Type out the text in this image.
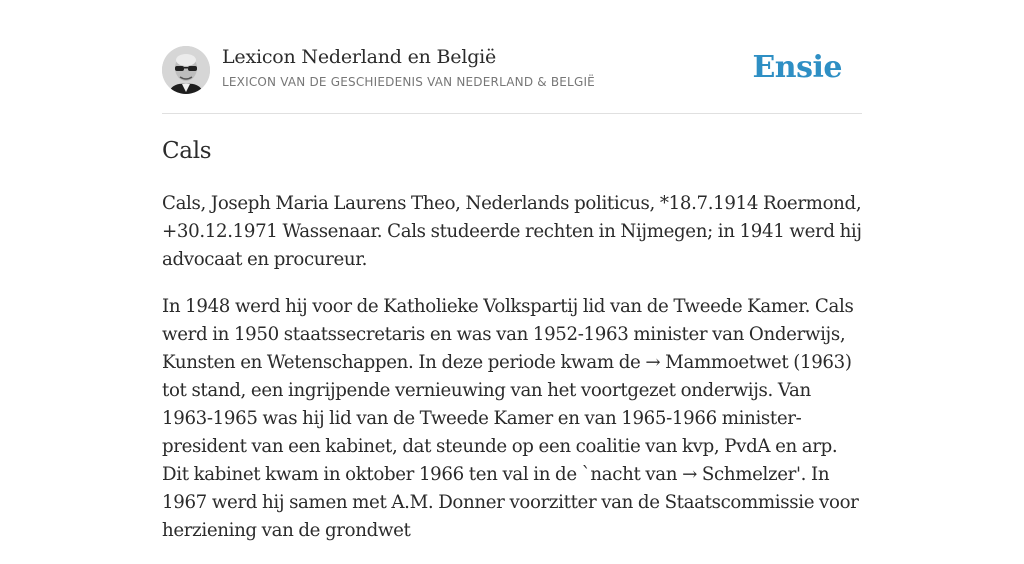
Lexicon Nederland en België
LEXICON VAN DE GESCHIEDENIS VAN NEDERLAND & BELGIË	Ensie
Cals

Cals, Joseph Maria Laurens Theo, Nederlands politicus, *18.7.1914 Roermond, +30.12.1971 Wassenaar. Cals studeerde rechten in Nijmegen; in 1941 werd hij advocaat en procureur.

In 1948 werd hij voor de Katholieke Volkspartij lid van de Tweede Kamer. Cals werd in 1950 staatssecretaris en was van 1952-1963 minister van Onderwijs, Kunsten en Wetenschappen. In deze periode kwam de → Mammoetwet (1963) tot stand, een ingrijpende vernieuwing van het voortgezet onderwijs. Van 1963-1965 was hij lid van de Tweede Kamer en van 1965-1966 minister-president van een kabinet, dat steunde op een coalitie van kvp, PvdA en arp. Dit kabinet kwam in oktober 1966 ten val in de `nacht van → Schmelzer'. In 1967 werd hij samen met A.M. Donner voorzitter van de Staatscommissie voor herziening van de grondwet
